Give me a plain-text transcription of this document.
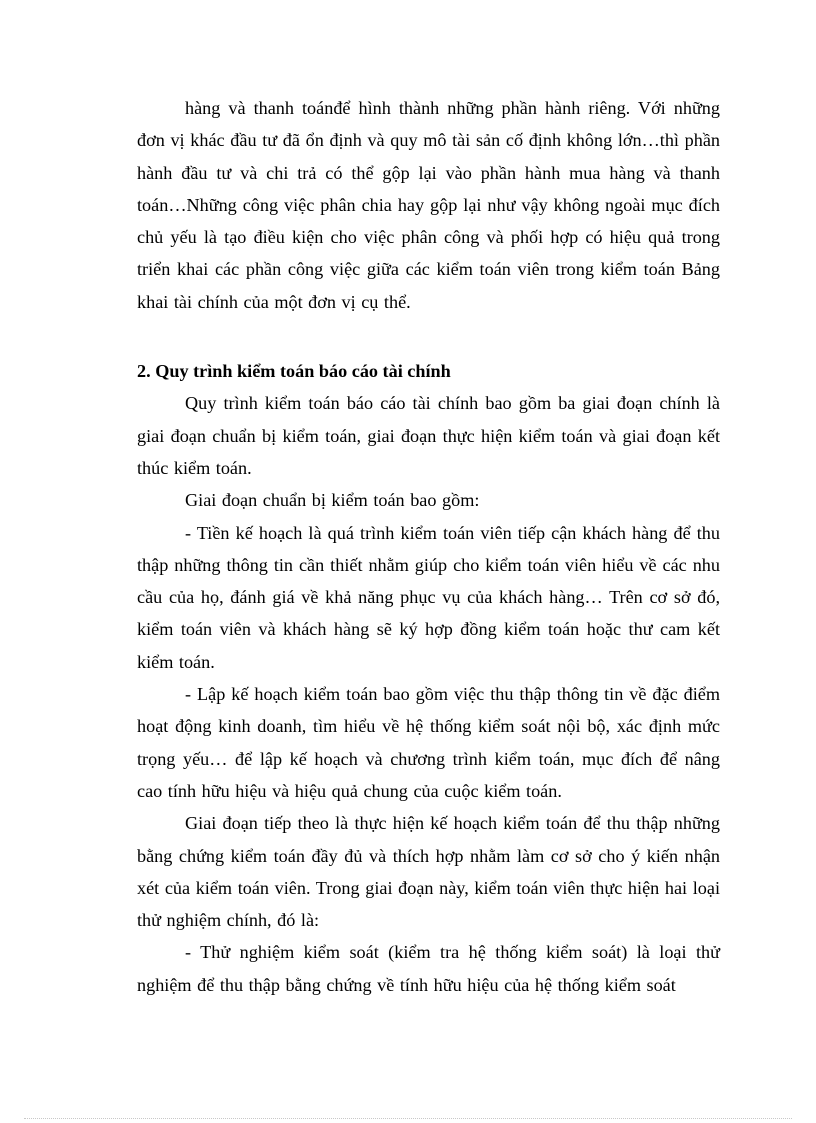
hàng và thanh toánđể hình thành những phần hành riêng. Với những đơn vị khác đầu tư đã ổn định và quy mô tài sản cố định không lớn…thì phần hành đầu tư và chi trả có thể gộp lại vào phần hành mua hàng và thanh toán…Những công việc phân chia hay gộp lại như vậy không ngoài mục đích chủ yếu là tạo điều kiện cho việc phân công và phối hợp có hiệu quả trong triển khai các phần công việc giữa các kiểm toán viên trong kiểm toán Bảng khai tài chính của một đơn vị cụ thể.

2. Quy trình kiểm toán báo cáo tài chính

Quy trình kiểm toán báo cáo tài chính bao gồm ba giai đoạn chính là giai đoạn chuẩn bị kiểm toán, giai đoạn thực hiện kiểm toán và giai đoạn kết thúc kiểm toán.

Giai đoạn chuẩn bị kiểm toán bao gồm:

- Tiền kế hoạch là quá trình kiểm toán viên tiếp cận khách hàng để thu thập những thông tin cần thiết nhằm giúp cho kiểm toán viên hiểu về các nhu cầu của họ, đánh giá về khả năng phục vụ của khách hàng… Trên cơ sở đó, kiểm toán viên và khách hàng sẽ ký hợp đồng kiểm toán hoặc thư cam kết kiểm toán.

- Lập kế hoạch kiểm toán bao gồm việc thu thập thông tin về đặc điểm hoạt động kinh doanh, tìm hiểu về hệ thống kiểm soát nội bộ, xác định mức trọng yếu… để lập kế hoạch và chương trình kiểm toán, mục đích để nâng cao tính hữu hiệu và hiệu quả chung của cuộc kiểm toán.

Giai đoạn tiếp theo là thực hiện kế hoạch kiểm toán để thu thập những bằng chứng kiểm toán đầy đủ và thích hợp nhằm làm cơ sở cho ý kiến nhận xét của kiểm toán viên. Trong giai đoạn này, kiểm toán viên thực hiện hai loại thử nghiệm chính, đó là:

- Thử nghiệm kiểm soát (kiểm tra hệ thống kiểm soát) là loại thử nghiệm để thu thập bằng chứng về tính hữu hiệu của hệ thống kiểm soát
